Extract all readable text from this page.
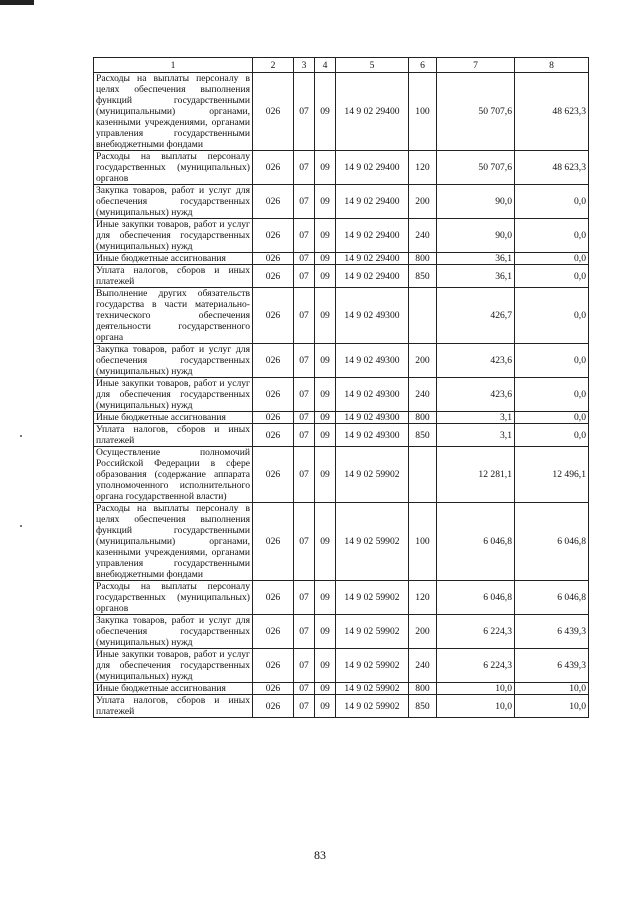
1	2	3	4	5	6	7	8
Расходы на выплаты персоналу в целях обеспечения выполнения функций государственными (муниципальными) органами, казенными учреждениями, органами управления государственными внебюджетными фондами	026	07	09	14 9 02 29400	100	50 707,6	48 623,3
Расходы на выплаты персоналу государственных (муниципальных) органов	026	07	09	14 9 02 29400	120	50 707,6	48 623,3
Закупка товаров, работ и услуг для обеспечения государственных (муниципальных) нужд	026	07	09	14 9 02 29400	200	90,0	0,0
Иные закупки товаров, работ и услуг для обеспечения государственных (муниципальных) нужд	026	07	09	14 9 02 29400	240	90,0	0,0
Иные бюджетные ассигнования	026	07	09	14 9 02 29400	800	36,1	0,0
Уплата налогов, сборов и иных платежей	026	07	09	14 9 02 29400	850	36,1	0,0
Выполнение других обязательств государства в части материально-технического обеспечения деятельности государственного органа	026	07	09	14 9 02 49300		426,7	0,0
Закупка товаров, работ и услуг для обеспечения государственных (муниципальных) нужд	026	07	09	14 9 02 49300	200	423,6	0,0
Иные закупки товаров, работ и услуг для обеспечения государственных (муниципальных) нужд	026	07	09	14 9 02 49300	240	423,6	0,0
Иные бюджетные ассигнования	026	07	09	14 9 02 49300	800	3,1	0,0
Уплата налогов, сборов и иных платежей	026	07	09	14 9 02 49300	850	3,1	0,0
Осуществление полномочий Российской Федерации в сфере образования (содержание аппарата уполномоченного исполнительного органа государственной власти)	026	07	09	14 9 02 59902		12 281,1	12 496,1
Расходы на выплаты персоналу в целях обеспечения выполнения функций государственными (муниципальными) органами, казенными учреждениями, органами управления государственными внебюджетными фондами	026	07	09	14 9 02 59902	100	6 046,8	6 046,8
Расходы на выплаты персоналу государственных (муниципальных) органов	026	07	09	14 9 02 59902	120	6 046,8	6 046,8
Закупка товаров, работ и услуг для обеспечения государственных (муниципальных) нужд	026	07	09	14 9 02 59902	200	6 224,3	6 439,3
Иные закупки товаров, работ и услуг для обеспечения государственных (муниципальных) нужд	026	07	09	14 9 02 59902	240	6 224,3	6 439,3
Иные бюджетные ассигнования	026	07	09	14 9 02 59902	800	10,0	10,0
Уплата налогов, сборов и иных платежей	026	07	09	14 9 02 59902	850	10,0	10,0
83
